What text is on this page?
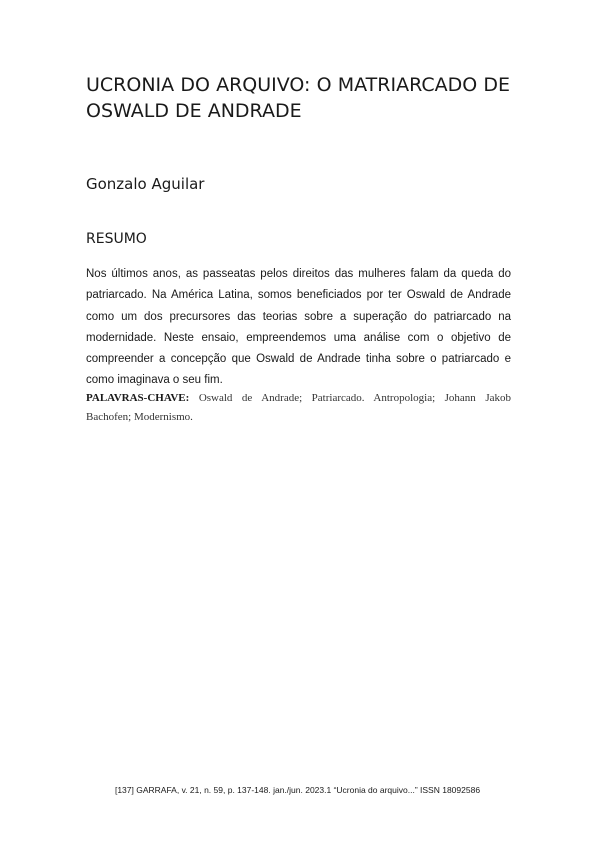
UCRONIA DO ARQUIVO: O MATRIARCADO DE OSWALD DE ANDRADE

Gonzalo Aguilar

RESUMO

Nos últimos anos, as passeatas pelos direitos das mulheres falam da queda do patriarcado. Na América Latina, somos beneficiados por ter Oswald de Andrade como um dos precursores das teorias sobre a superação do patriarcado na modernidade. Neste ensaio, empreendemos uma análise com o objetivo de compreender a concepção que Oswald de Andrade tinha sobre o patriarcado e como imaginava o seu fim.

PALAVRAS-CHAVE: Oswald de Andrade; Patriarcado. Antropologia; Johann Jakob Bachofen; Modernismo.

[137] GARRAFA, v. 21, n. 59, p. 137-148. jan./jun. 2023.1 “Ucronia do arquivo...” ISSN 18092586
